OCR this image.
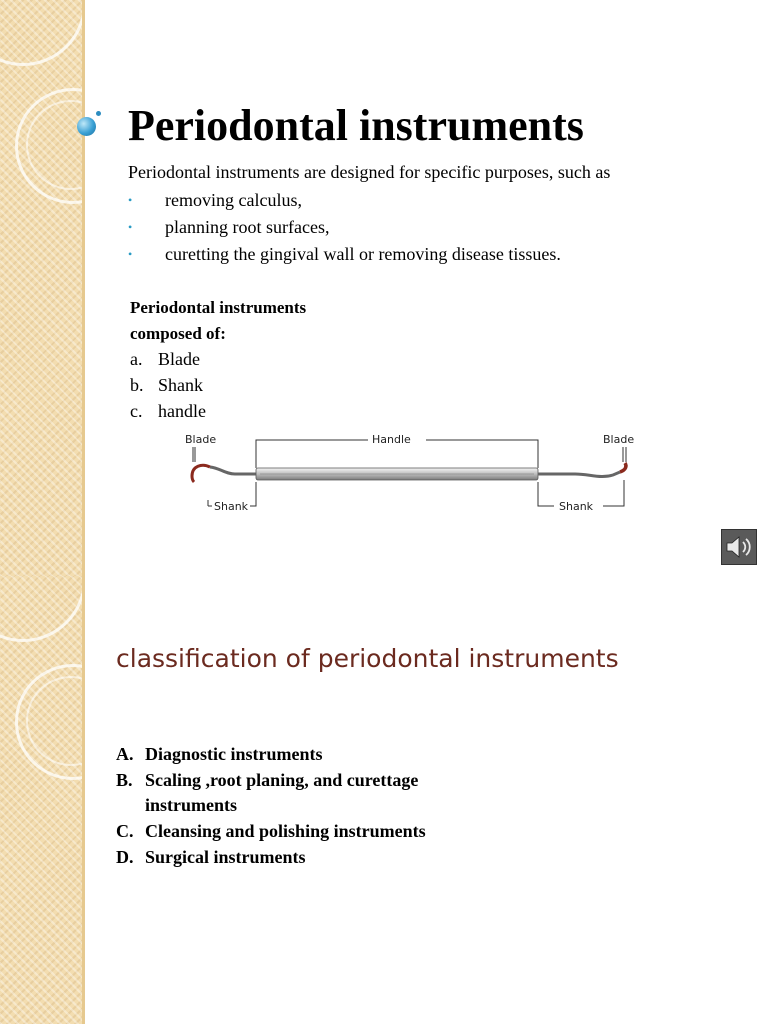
Periodontal instruments

Periodontal instruments are designed for specific purposes, such as

• removing calculus,
• planning root surfaces,
• curetting the gingival wall or removing disease tissues.

Periodontal instruments
composed of:

a. Blade
b. Shank
c. handle
Blade	Handle	Blade
Shank	Shank
classification of periodontal instruments
A. Diagnostic instruments
B. Scaling ,root planing, and curettage instruments
C. Cleansing and polishing instruments
D. Surgical instruments
